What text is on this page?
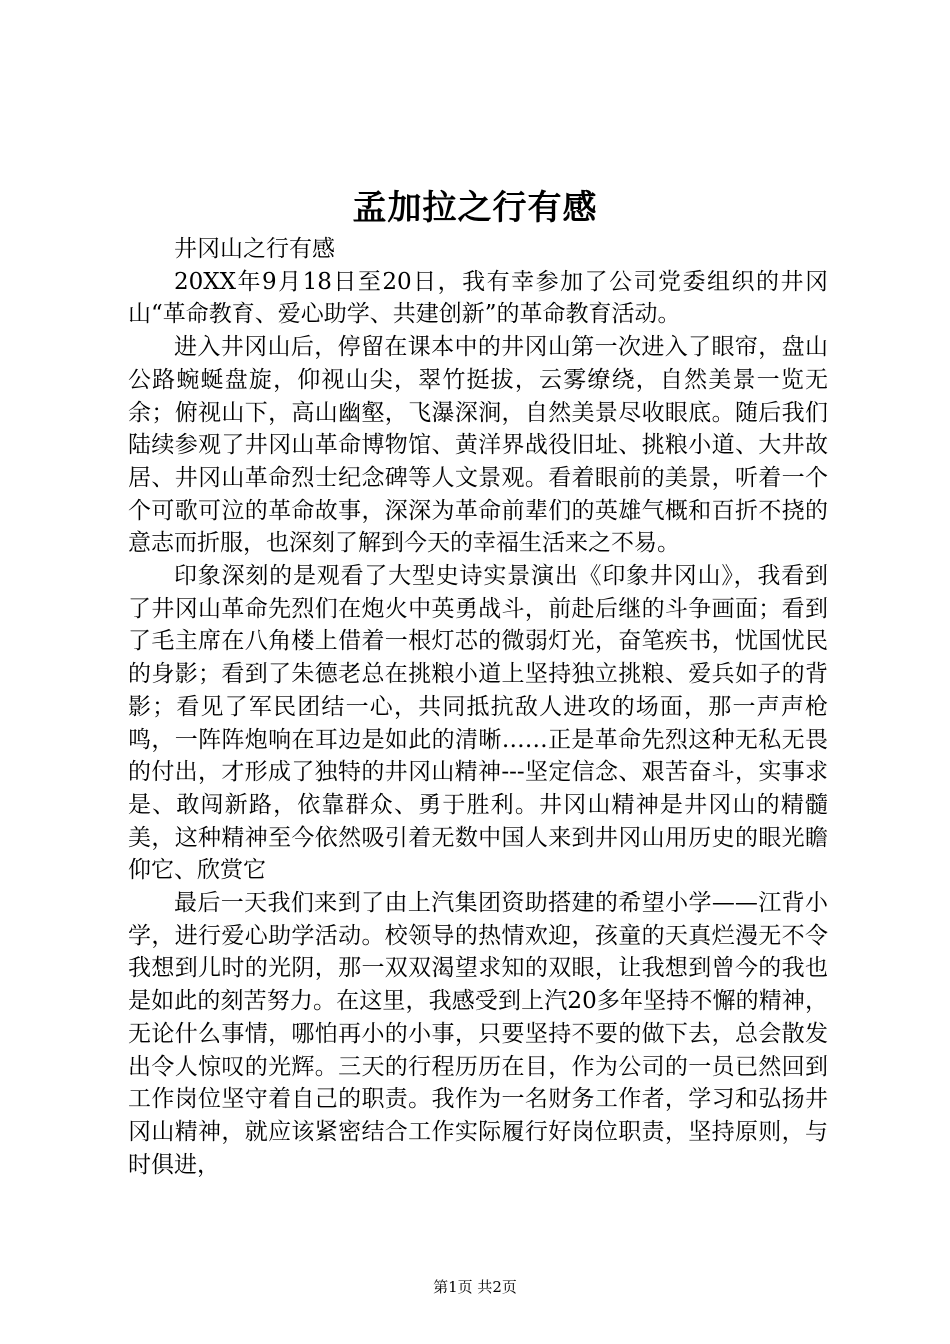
孟加拉之行有感

井冈山之行有感

20XX年9月18日至20日，我有幸参加了公司党委组织的井冈山“革命教育、爱心助学、共建创新”的革命教育活动。

进入井冈山后，停留在课本中的井冈山第一次进入了眼帘，盘山公路蜿蜒盘旋，仰视山尖，翠竹挺拔，云雾缭绕，自然美景一览无余；俯视山下，高山幽壑，飞瀑深涧，自然美景尽收眼底。随后我们陆续参观了井冈山革命博物馆、黄洋界战役旧址、挑粮小道、大井故居、井冈山革命烈士纪念碑等人文景观。看着眼前的美景，听着一个个可歌可泣的革命故事，深深为革命前辈们的英雄气概和百折不挠的意志而折服，也深刻了解到今天的幸福生活来之不易。

印象深刻的是观看了大型史诗实景演出《印象井冈山》，我看到了井冈山革命先烈们在炮火中英勇战斗，前赴后继的斗争画面；看到了毛主席在八角楼上借着一根灯芯的微弱灯光，奋笔疾书，忧国忧民的身影；看到了朱德老总在挑粮小道上坚持独立挑粮、爱兵如子的背影；看见了军民团结一心，共同抵抗敌人进攻的场面，那一声声枪鸣，一阵阵炮响在耳边是如此的清晰……正是革命先烈这种无私无畏的付出，才形成了独特的井冈山精神---坚定信念、艰苦奋斗，实事求是、敢闯新路，依靠群众、勇于胜利。井冈山精神是井冈山的精髓美，这种精神至今依然吸引着无数中国人来到井冈山用历史的眼光瞻仰它、欣赏它

最后一天我们来到了由上汽集团资助搭建的希望小学——江背小学，进行爱心助学活动。校领导的热情欢迎，孩童的天真烂漫无不令我想到儿时的光阴，那一双双渴望求知的双眼，让我想到曾今的我也是如此的刻苦努力。在这里，我感受到上汽20多年坚持不懈的精神，无论什么事情，哪怕再小的小事，只要坚持不要的做下去，总会散发出令人惊叹的光辉。三天的行程历历在目，作为公司的一员已然回到工作岗位坚守着自己的职责。我作为一名财务工作者，学习和弘扬井冈山精神，就应该紧密结合工作实际履行好岗位职责，坚持原则，与时俱进，

第1页 共2页
